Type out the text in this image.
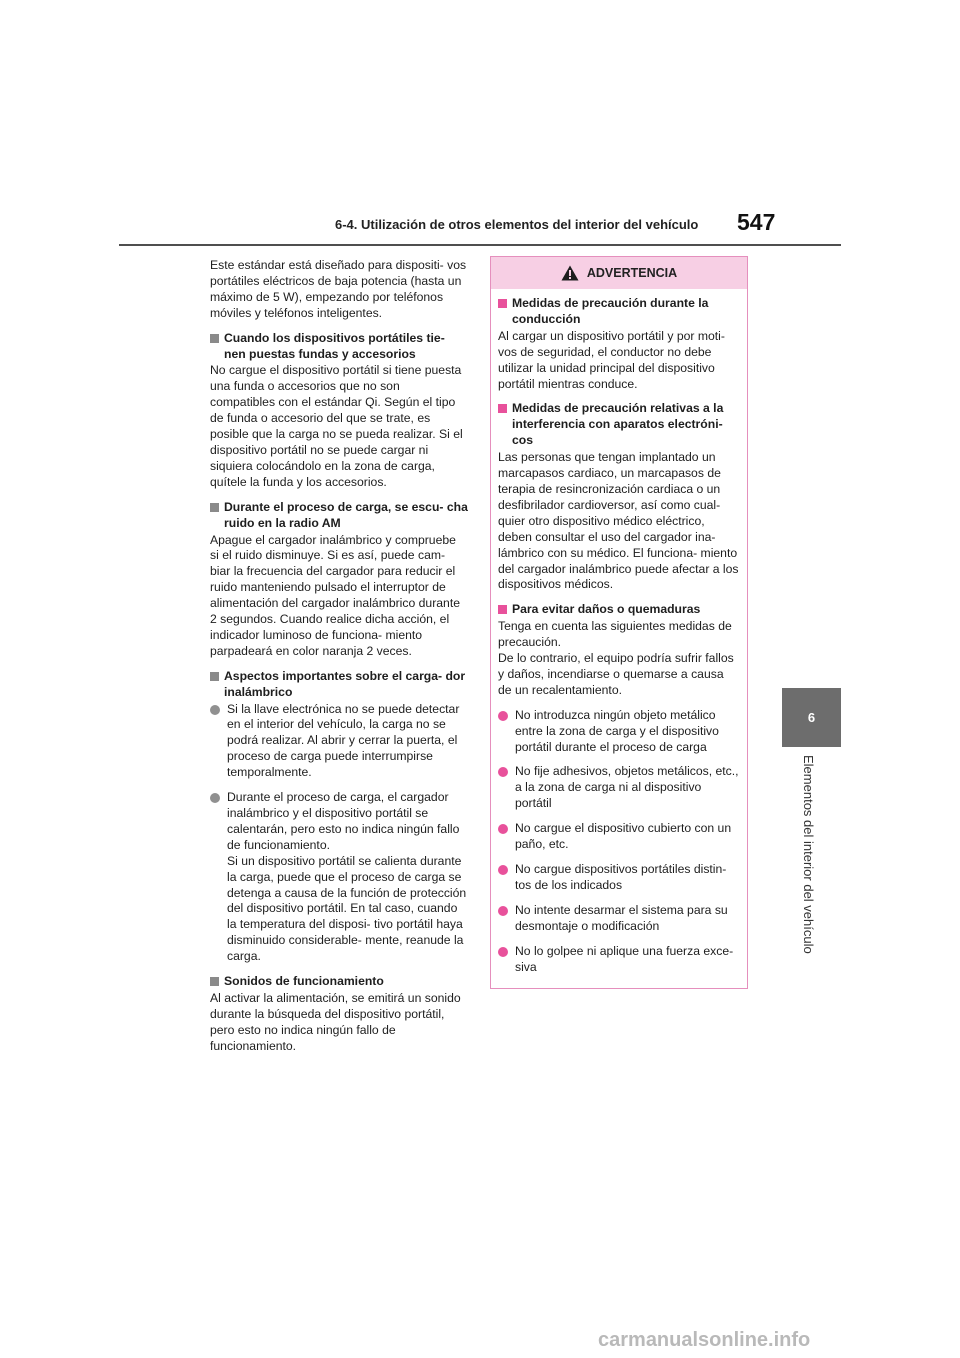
6-4. Utilización de otros elementos del interior del vehículo 547
6
Elementos del interior del vehículo

Este estándar está diseñado para dispositi- vos portátiles eléctricos de baja potencia (hasta un máximo de 5 W), empezando por teléfonos móviles y teléfonos inteligentes.

Cuando los dispositivos portátiles tie- nen puestas fundas y accesorios

No cargue el dispositivo portátil si tiene puesta una funda o accesorios que no son compatibles con el estándar Qi. Según el tipo de funda o accesorio del que se trate, es posible que la carga no se pueda realizar. Si el dispositivo portátil no se puede cargar ni siquiera colocándolo en la zona de carga, quítele la funda y los accesorios.

Durante el proceso de carga, se escu- cha ruido en la radio AM

Apague el cargador inalámbrico y compruebe si el ruido disminuye. Si es así, puede cam- biar la frecuencia del cargador para reducir el ruido manteniendo pulsado el interruptor de alimentación del cargador inalámbrico durante 2 segundos. Cuando realice dicha acción, el indicador luminoso de funciona- miento parpadeará en color naranja 2 veces.

Aspectos importantes sobre el carga- dor inalámbrico
Si la llave electrónica no se puede detectar en el interior del vehículo, la carga no se podrá realizar. Al abrir y cerrar la puerta, el proceso de carga puede interrumpirse temporalmente.
Durante el proceso de carga, el cargador inalámbrico y el dispositivo portátil se calentarán, pero esto no indica ningún fallo de funcionamiento.
Si un dispositivo portátil se calienta durante la carga, puede que el proceso de carga se detenga a causa de la función de protección del dispositivo portátil. En tal caso, cuando la temperatura del disposi- tivo portátil haya disminuido considerable- mente, reanude la carga.
Sonidos de funcionamiento

Al activar la alimentación, se emitirá un sonido durante la búsqueda del dispositivo portátil, pero esto no indica ningún fallo de funcionamiento.

ADVERTENCIA
Medidas de precaución durante la conducción

Al cargar un dispositivo portátil y por moti- vos de seguridad, el conductor no debe utilizar la unidad principal del dispositivo portátil mientras conduce.

Medidas de precaución relativas a la interferencia con aparatos electróni- cos

Las personas que tengan implantado un marcapasos cardiaco, un marcapasos de terapia de resincronización cardiaca o un desfibrilador cardioversor, así como cual- quier otro dispositivo médico eléctrico, deben consultar el uso del cargador ina- lámbrico con su médico. El funciona- miento del cargador inalámbrico puede afectar a los dispositivos médicos.

Para evitar daños o quemaduras

Tenga en cuenta las siguientes medidas de precaución.
De lo contrario, el equipo podría sufrir fallos y daños, incendiarse o quemarse a causa de un recalentamiento.

No introduzca ningún objeto metálico entre la zona de carga y el dispositivo portátil durante el proceso de carga
No fije adhesivos, objetos metálicos, etc., a la zona de carga ni al dispositivo portátil
No cargue el dispositivo cubierto con un paño, etc.
No cargue dispositivos portátiles distin- tos de los indicados
No intente desarmar el sistema para su desmontaje o modificación
No lo golpee ni aplique una fuerza exce- siva
carmanualsonline.info
